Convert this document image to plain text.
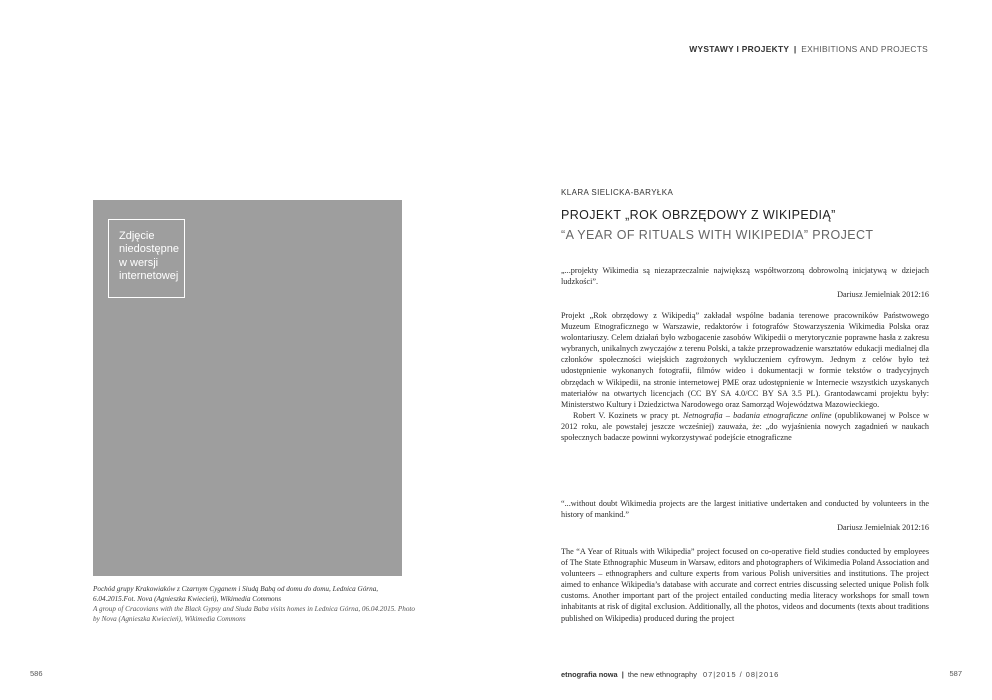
WYSTAWY I PROJEKTY | EXHIBITIONS AND PROJECTS
Zdjęcie niedostępne w wersji internetowej
Pochód grupy Krakowiaków z Czarnym Cyganem i Siudą Babą od domu do domu, Lednica Górna, 6.04.2015.Fot. Nova (Agnieszka Kwiecień), Wikimedia Commons
A group of Cracovians with the Black Gypsy and Siuda Baba visits homes in Lednica Górna, 06.04.2015. Photo by Nova (Agnieszka Kwiecień), Wikimedia Commons
586	587
KLARA SIELICKA-BARYŁKA
PROJEKT „ROK OBRZĘDOWY Z WIKIPEDIĄ”
“A YEAR OF RITUALS WITH WIKIPEDIA” PROJECT
„...projekty Wikimedia są niezaprzeczalnie największą współtworzoną dobrowolną inicjatywą w dziejach ludzkości”.
Dariusz Jemielniak 2012:16

Projekt „Rok obrzędowy z Wikipedią” zakładał wspólne badania terenowe pracowników Państwowego Muzeum Etnograficznego w Warszawie, redaktorów i fotografów Stowarzyszenia Wikimedia Polska oraz wolontariuszy. Celem działań było wzbogacenie zasobów Wikipedii o merytorycznie poprawne hasła z zakresu wybranych, unikalnych zwyczajów z terenu Polski, a także przeprowadzenie warsztatów edukacji medialnej dla członków społeczności wiejskich zagrożonych wykluczeniem cyfrowym. Jednym z celów było też udostępnienie wykonanych fotografii, filmów wideo i dokumentacji w formie tekstów o tradycyjnych obrzędach w Wikipedii, na stronie internetowej PME oraz udostępnienie w Internecie wszystkich uzyskanych materiałów na otwartych licencjach (CC BY SA 4.0/CC BY SA 3.5 PL). Grantodawcami projektu były: Ministerstwo Kultury i Dziedzictwa Narodowego oraz Samorząd Województwa Mazowieckiego.

Robert V. Kozinets w pracy pt. Netnografia – badania etnograficzne online (opublikowanej w Polsce w 2012 roku, ale powstałej jeszcze wcześniej) zauważa, że: „do wyjaśnienia nowych zagadnień w naukach społecznych badacze powinni wykorzystywać podejście etnograficzne

“...without doubt Wikimedia projects are the largest initiative undertaken and conducted by volunteers in the history of mankind.”
Dariusz Jemielniak 2012:16
The “A Year of Rituals with Wikipedia” project focused on co-operative field studies conducted by employees of The State Ethnographic Museum in Warsaw, editors and photographers of Wikimedia Poland Association and volunteers – ethnographers and culture experts from various Polish universities and institutions. The project aimed to enhance Wikipedia’s database with accurate and correct entries discussing selected unique Polish folk customs. Another important part of the project entailed conducting media literacy workshops for small town inhabitants at risk of digital exclusion. Additionally, all the photos, videos and documents (texts about traditions published on Wikipedia) produced during the project
etnografia nowa | the new ethnography 07|2015 / 08|2016
